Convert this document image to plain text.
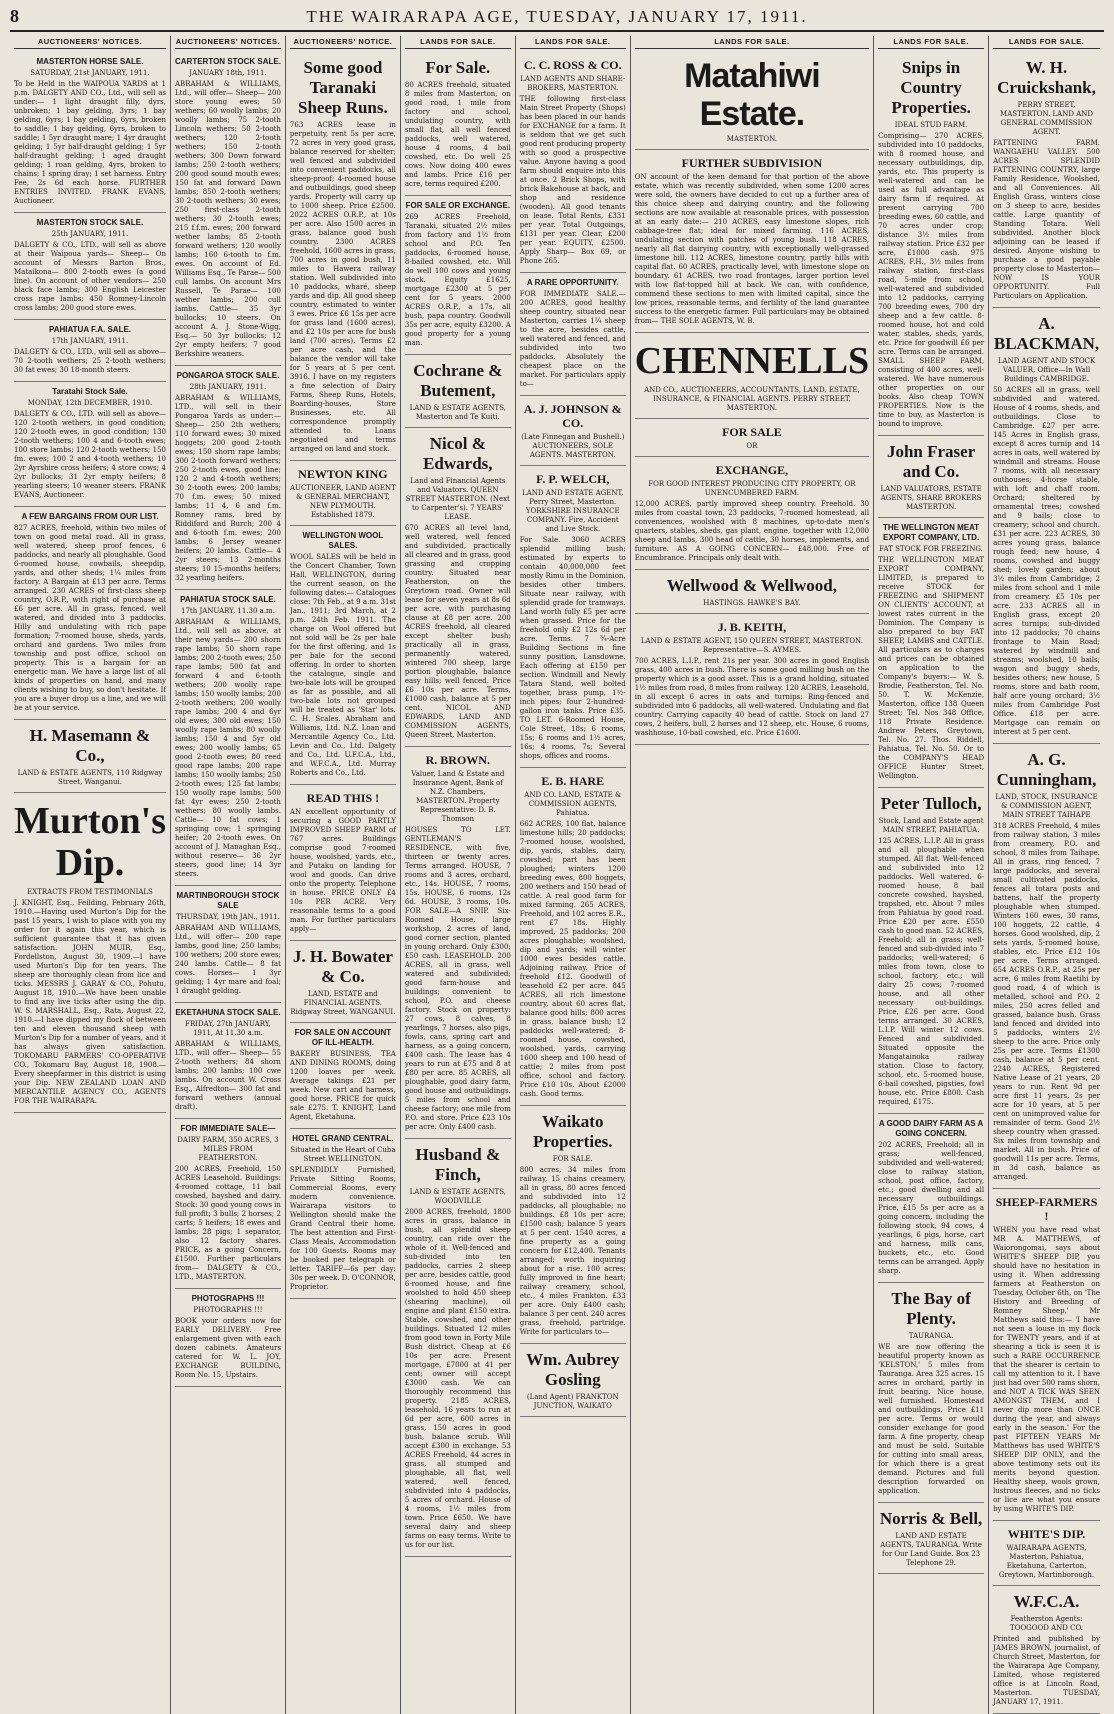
8	THE WAIRARAPA AGE, TUESDAY, JANUARY 17, 1911.
AUCTIONEERS' NOTICES.
MASTERTON HORSE SALE.
SATURDAY, 21st JANUARY, 1911.
To be Held in the WAIPOUA YARDS at 1 p.m. DALGETY AND CO., Ltd., will sell as under:— 1 light draught filly, dyrs, unbroken; 1 bay gelding, 3yrs; 1 bay gelding, 6yrs; 1 bay gelding, 6yrs, broken to saddle; 1 bay gelding, 6yrs, broken to saddle; 1 5yr draught mare; 1 4yr draught gelding; 1 5yr half-draught gelding; 1 5yr half-draught gelding; 1 aged draught gelding; 1 roan gelding, 4yrs, broken to chains; 1 spring dray; 1 set harness. Entry Fee, 2s 6d each horse. FURTHER ENTRIES INVITED. FRANK EVANS, Auctioneer.
MASTERTON STOCK SALE.
25th JANUARY, 1911.
DALGETY & CO., LTD., will sell as above at their Waipoua yards— Sheep— On account of Messrs Barton Bros., Mataikona— 800 2-tooth ewes (a good line). On account of other vendors— 250 black face lambs; 300 English Leicester cross rape lambs; 450 Romney-Lincoln cross lambs; 200 good store ewes.
PAHIATUA F.A. SALE.
17th JANUARY, 1911.
DALGETY & CO., LTD., will sell as above— 70 2-tooth wethers; 25 2-tooth wethers; 30 fat ewes; 30 18-month steers.
Taratahi Stock Sale.
MONDAY, 12th DECEMBER, 1910.
DALGETY & CO., LTD. will sell as above— 120 2-tooth wethers, in good condition; 120 2-tooth ewes, in good condition; 130 2-tooth wethers; 100 4 and 6-tooth ewes; 100 store lambs; 120 2-tooth wethers; 150 fm. ewes; 100 2 and 4-tooth wethers; 10 2yr Ayrshire cross heifers; 4 store cows; 4 2yr bullocks; 31 2yr empty heifers; 8 yearling steers; 10 weaner steers. FRANK EVANS, Auctioneer.
A FEW BARGAINS FROM OUR LIST.
827 ACRES, freehold, within two miles of town on good metal road. All in grass, well watered, sheep proof fences, 6 paddocks, and nearly all ploughable. Good 6-roomed house, cowbails, sheepdip, yards, and other sheds; 1¼ miles from factory. A Bargain at £13 per acre. Terms arranged. 230 ACRES of first-class sheep country, O.R.P., with right of purchase at £6 per acre. All in grass, fenced, well watered, and divided into 3 paddocks. Hilly and undulating with rich pape formation; 7-roomed house, sheds, yards, orchard and gardens. Two miles from township and post office, school on property. This is a bargain for an energetic man. We have a large list of all kinds of properties on hand, and many clients wishing to buy, so don't hesitate. If you are a buyer drop us a line, and we will be at your service.
H. Masemann & Co.,
LAND & ESTATE AGENTS, 110 Ridgway Street, Wanganui.
Murton's Dip.
EXTRACTS FROM TESTIMONIALS
J. KNIGHT, Esq., Feilding, February 26th, 1910.—Having used Murton's Dip for the past 15 years, I wish to place with you my order for it again this year, which is sufficient guarantee that it has given satisfaction. JOHN MUIR, Esq., Fordellston, August 30, 1909.—I have used Murton's Dip for ten years. The sheep are thoroughly clean from lice and ticks. MESSRS J. GARAY & CO., Pohutu, August 18, 1910.—We have been unable to find any live ticks after using the dip. W. S. MARSHALL, Esq., Rata, August 22, 1910.—I have dipped my flock of between ten and eleven thousand sheep with Murton's Dip for a number of years, and it has always given satisfaction. TOKOMARU FARMERS' CO-OPERATIVE CO., Tokomaru Bay, August 18, 1908.—Every sheepfarmer in this district is using your Dip. NEW ZEALAND LOAN AND MERCANTILE AGENCY CO., AGENTS FOR THE WAIRARAPA.
AUCTIONEERS' NOTICES.
CARTERTON STOCK SALE.
JANUARY 18th, 1911.
ABRAHAM & WILLIAMS, Ltd., will offer— Sheep— 200 store young ewes; 50 wethers; 60 woolly lambs; 20 woolly lambs; 75 2-tooth Lincoln wethers; 50 2-tooth wethers; 120 2-tooth wethers; 150 2-tooth wethers; 300 Down forward lambs; 250 2-tooth wethers; 200 good sound mouth ewes; 150 fat and forward Down lambs; 850 2-tooth wethers; 30 2-tooth wethers; 30 ewes; 250 first-class 2-tooth wethers; 30 2-tooth ewes; 215 f.f.m. ewes; 200 forward wether lambs; 85 2-tooth forward wethers; 120 woolly lambs; 160 6-tooth to f.m. ewes. On account of Ed. Williams Esq., Te Parae— 500 cull lambs. On account Mrs Russell, Te Parae— 100 wether lambs; 200 cull lambs. Cattle— 35 3yr bullocks; 10 steers. On account A. J. Stone-Wigg, Esq.— 50 3yr bullocks; 12 2yr empty heifers; 7 good Berkshire weaners.
PONGAROA STOCK SALE.
28th JANUARY, 1911.
ABRAHAM & WILLIAMS, LTD., will sell in their Pongaroa Yards as under:— Sheep— 250 2th wethers; 110 forward ewes; 30 mixed hoggets; 200 good 2-tooth ewes; 150 shorn rape lambs; 300 2-tooth forward wethers; 250 2-tooth ewes, good line; 120 2 and 4-tooth wethers; 30 2-tooth ewes; 200 lambs; 70 f.m. ewes; 50 mixed lambs; 11 4, 6 and f.m. Romney rams, bred by Riddiford and Burch; 200 4 and 6-tooth f.m. ewes; 200 lambs; 6 Jersey weaner heifers; 20 lambs. Cattle— 4 2yr steers; 13 2-months steers; 10 15-months heifers; 32 yearling heifers.
PAHIATUA STOCK SALE.
17th JANUARY, 11.30 a.m.
ABRAHAM & WILLIAMS, Ltd., will sell as above, at their new yards— 200 shorn rape lambs; 50 shorn rape lambs; 200 2-tooth ewes; 250 rape lambs; 500 fat and forward 4 and 6-tooth wethers; 200 woolly rape lambs; 150 woolly lambs; 200 2-tooth wethers; 200 woolly rape lambs; 200 4 and 6yr old ewes; 300 old ewes; 150 woolly rape lambs; 80 woolly lambs; 150 4 and 5yr old ewes; 200 woolly lambs; 65 good 2-tooth ewes; 80 reed good rape lambs; 200 rape lambs; 150 woolly lambs; 250 2-tooth ewes; 125 fat lambs; 150 woolly rape lambs; 500 fat 4yr ewes; 250 2-tooth wethers; 80 woolly lambs. Cattle— 10 fat cows; 1 springing cow; 1 springing heifer; 20 2-tooth ewes. On account of J. Managhan Esq., without reserve— 36 2yr steers, good line; 14 3yr steers.
MARTINBOROUGH STOCK SALE
THURSDAY, 19th JAN., 1911.
ABRAHAM AND WILLIAMS, Ltd., will offer— 200 rape lambs, good line; 250 lambs; 100 wethers; 200 store ewes; 240 lambs. Cattle— 8 fat cows. Horses— 1 3yr gelding; 1 4yr mare and foal; 1 draught gelding.
EKETAHUNA STOCK SALE.
FRIDAY, 27th JANUARY, 1911, At 11.30 a.m.
ABRAHAM & WILLIAMS, LTD., will offer— Sheep— 55 2-tooth wethers; 84 shorn lambs; 200 lambs; 100 cwe lambs. On account W. Cross Esq., Alfredton— 300 fat and forward wethers (annual draft).
FOR IMMEDIATE SALE—
DAIRY FARM, 350 ACRES, 3 MILES FROM FEATHERSTON.
200 ACRES, Freehold, 150 ACRES Leasehold. Buildings: 4-roomed cottage, 11 bail cowshed, hayshed and dairy. Stock: 30 good young cows in full profit; 3 bulls; 2 horses; 2 carts; 5 heifers; 18 ewes and lambs; 28 pigs; 1 separator, also 12 factory shares. PRICE, as a going Concern, £1500. Further particulars from— DALGETY & CO., LTD., MASTERTON.
PHOTOGRAPHS !!!
PHOTOGRAPHS !!!
BOOK your orders now for EARLY DELIVERY. Free enlargement given with each dozen cabinets. Amateurs catered for. W. L. JOY, EXCHANGE BUILDING, Room No. 15, Upstairs.
AUCTIONEERS' NOTICE.
Some good Taranaki Sheep Runs.
763 ACRES lease in perpetuity, rent 5s per acre, 72 acres in very good grass, balance reserved for shelter; well fenced and subdivided into convenient paddocks, all sheep-proof; 4-roomed house and outbuildings, good sheep yards. Property will carry up to 1000 sheep. Price £2500. 2022 ACRES O.R.P., at 10s per acre. Also 1500 acres in grass, balance good bush country. 2300 ACRES freehold, 1600 acres in grass, 700 acres in good bush, 11 miles to Hawera railway station. Well subdivided into 10 paddocks, wharé, sheep yards and dip. All good sheep country, estimated to winter 3 ewes. Price £6 15s per acre for grass land (1600 acres), and £2 10s per acre for bush land (700 acres). Terms £2 per acre cash, and the balance the vendor will take for 5 years at 5 per cent. 3916. I have on my registers a fine selection of Dairy Farms, Sheep Runs, Hotels, Boarding-houses, Store Businesses, etc. All correspondence promptly attended to. Loans negotiated and terms arranged on land and stock.
NEWTON KING
AUCTIONEER, LAND AGENT & GENERAL MERCHANT, NEW PLYMOUTH. Established 1879.
WELLINGTON WOOL SALES.
WOOL SALES will be held in the Concert Chamber, Town Hall, WELLINGTON, during the current season, on the following dates:— Catalogues close: 7th Feb., at 9 a.m. 31st Jan., 1911; 3rd March, at 2 p.m. 24th Feb. 1911. The charge on Wool offered but not sold will be 2s per bale for the first offering, and 1s per bale for the second offering. In order to shorten the catalogue, single and two-bale lots will be grouped as far as possible, and all two-bale lots not grouped will be treated as 'Star' lots. C. H. Scales. Abraham and Williams, Ltd. N.Z. Loan and Mercantile Agency Co., Ltd. Levin and Co., Ltd. Dalgety and Co., Ltd. U.F.C.A., Ltd., and W.F.C.A., Ltd. Murray Roberts and Co., Ltd.
READ THIS !
AN excellent opportunity of securing a GOOD PARTLY IMPROVED SHEEP FARM of 767 acres. Buildings comprise good 7-roomed house, woolshed, yards, etc., and Putaku on landing for wool and goods. Can drive onto the property. Telephone in house. PRICE ONLY £4 10s PER ACRE. Very reasonable terms to a good man. For further particulars apply—
J. H. Bowater & Co.
LAND, ESTATE and FINANCIAL AGENTS. Ridgway Street, WANGANUI.
FOR SALE ON ACCOUNT OF ILL-HEALTH.
BAKERY BUSINESS, TEA AND DINING ROOMS, doing 1200 loaves per week. Average takings £21 per week. New cart and harness, good horse. PRICE for quick sale £275. T. KNIGHT, Land Agent, Eketahuna.
HOTEL GRAND CENTRAL.
Situated in the Heart of Cuba Street WELLINGTON.
SPLENDIDLY Furnished, Private Sitting Rooms, Commercial Rooms, every modern convenience. Wairarapa visitors to Wellington should make the Grand Central their home. The best attention and First-Class Meals. Accommodation for 100 Guests. Rooms may be booked per telegraph or letter. TARIFF—6s per day; 30s per week. D. O'CONNOR, Proprietor.
LANDS FOR SALE.
For Sale.
80 ACRES freehold, situated 8 miles from Masterton, on good road, 1 mile from factory and school, undulating country, with small flat, all well fenced paddocks, well watered, house 4 rooms, 4 bail cowshed, etc. Do well 25 cows. Now doing 400 ewes and lambs. Price £16 per acre, terms required £200.
FOR SALE OR EXCHANGE.
269 ACRES Freehold, Taranaki, situated 2½ miles from factory and 1½ from school and P.O. Ten paddocks, 6-roomed house, 8-bailed cowshed, etc. Will do well 100 cows and young stock. Equity £1625, mortgage £2300 at 5 per cent for 5 years. 2000 ACRES O.R.P., a 17s, all bush, papa country. Goodwill 35s per acre, equity £3200. A good property for a young man.
Cochrane & Butement,
LAND & ESTATE AGENTS, Masterton and Te Kuiti.
Nicol & Edwards,
Land and Financial Agents and Valuators. QUEEN STREET MASTERTON. (Next to Carpenter's). 7 YEARS' LEASE.
670 ACRES all level land, well watered, well fenced and subdivided, practically all cleared and in grass, good grassing and cropping country. Situated near Featherston, on the Greytown road. Owner will lease for seven years at 8s 6d per acre, with purchasing clause at £8 per acre. 200 ACRES freehold, all cleared except shelter bush; practically all in grass, permanently watered, wintered 700 sheep, large portion ploughable, balance easy hills; well fenced. Price £6 10s per acre. Terms, £1000 cash, balance at 5 per cent. NICOL AND EDWARDS, LAND AND COMMISSION AGENTS, Queen Street, Masterton.
R. BROWN.
Valuer, Land & Estate and Insurance Agent, Bank of N.Z. Chambers, MASTERTON. Property Representative: D. B. Thomson
HOUSES TO LET. GENTLEMAN'S RESIDENCE, with five, thirteen or twenty acres. Terms arranged. HOUSE, 7 rooms and 3 acres, orchard, etc., 14s. HOUSE, 7 rooms, 15s. HOUSE, 6 rooms, 12s 6d. HOUSE, 3 rooms, 10s. FOR SALE—A SNIP. Six-Roomed House, large workshop, 2 acres of land, good corner section, planted in young orchard. Only £300; £50 cash. LEASEHOLD. 200 ACRES, all in grass, well watered and subdivided; good farm-house and buildings; convenient to school, P.O. and cheese factory. Stock on property: 27 cows, 8 calves, 8 yearlings, 7 horses, also pigs, fowls, cans, spring cart and harness, as a going concern, £400 cash. The lease has 4 years to run at £75 and 8 at £80 per acre. 85 ACRES, all ploughable, good dairy farm, good house and outbuildings. 5 miles from school and cheese factory; one mile from P.O. and store. Price £23 10s per acre. Only £400 cash.
Husband & Finch,
LAND & ESTATE AGENTS, WOODVILLE
2000 ACRES, freehold, 1800 acres in grass, balance in bush, all splendid sheep country, can ride over the whole of it. Well-fenced and sub-divided into ten paddocks, carries 2 sheep per acre, besides cattle, good 6-roomed house, and fine woolshed to hold 450 sheep (shearing machine), oil engine and plant £150 extra. Stable, cowshed, and other buildings. Situated 12 miles from good town in Forty Mile Bush district. Cheap at £6 10s per acre. Present mortgage, £7000 at 41 per cent; owner will accept £3000 cash. We can thoroughly recommend this property. 2185 ACRES, leasehold, 16 years to run at 6d per acre, 600 acres in grass, 150 acres in good bush, balance scrub. Will accept £300 in exchange. 53 ACRES Freehold, 44 acres in grass, all stumped and ploughable, all flat, well watered, well fenced, subdivided into 4 paddocks, 5 acres of orchard. House of 4 rooms, 1½ miles from town. Price £650. We have several dairy and sheep farms on easy terms. Write to us for our list.
LANDS FOR SALE.
C. C. ROSS & CO.
LAND AGENTS AND SHARE-BROKERS, MASTERTON.
THE following first-class Main Street Property (Shops) has been placed in our hands for EXCHANGE for a farm. It is seldom that we get such good rent producing property with so good a prospective value. Anyone having a good farm should enquire into this at once. 2 Brick Shops, with brick Bakehouse at back, and shop and residence (wooden). All good tenants on lease. Total Rents, £331 per year. Total Outgoings, £131 per year. Clear, £200 per year. EQUITY, £2500. Apply Sharp— Box 69, or Phone 265.
A RARE OPPORTUNITY.
FOR IMMEDIATE SALE.—200 ACRES, good healthy sheep country, situated near Masterton, carries 1¼ sheep to the acre, besides cattle, well watered and fenced, and subdivided into two paddocks. Absolutely the cheapest place on the market. For particulars apply to—
A. J. JOHNSON & CO.
(Late Finnegan and Bushell.) AUCTIONEERS, SOLE AGENTS. MASTERTON.
F. P. WELCH,
LAND AND ESTATE AGENT, Perry Street, Masterton. YORKSHIRE INSURANCE COMPANY. Fire, Accident and Live Stock.
For Sale. 3060 ACRES splendid milling bush; estimated by experts to contain 40,000,000 feet mostly Rimu in the Dominion, besides other timbers. Situate near railway, with splendid grade for tramways. Land worth fully £5 per acre when grassed. Price for the freehold only £2 12s 6d per acre. Terms. 7 ¾-Acre Building Sections in fine sunny position, Lansdowne. Each offering at £150 per section. Windmill and Newly Tatara Stand, well bolted together, brass pump, 1½-inch pipes; four 2-hundred-gallon iron tanks. Price £35. TO LET. 6-Roomed House, Cole Street, 18s; 6 rooms, 15s; 6 rooms and 1½ acres, 16s; 4 rooms, 7s; Several shops, offices and rooms.
E. B. HARE
AND CO. LAND, ESTATE & COMMISSION AGENTS, Pahiatua.
662 ACRES, 100 flat, balance limestone hills; 20 paddocks; 7-roomed house, woolshed, dip, yards, stables, dairy, cowshed; part has been ploughed; winters 1200 breeding ewes, 800 hoggets, 200 wethers and 150 head of cattle. A real good farm for mixed farming. 265 ACRES, Freehold, and 102 acres E.R., rent £7 18s. Highly improved, 25 paddocks; 200 acres ploughable; woolshed, dip and yards; will winter 1000 ewes besides cattle. Adjoining railway. Price of freehold £12. Goodwill of leasehold £2 per acre. 845 ACRES, all rich limestone country, about 60 acres flat, balance good hills; 800 acres in grass, balance bush; 12 paddocks well-watered; 8-roomed house, cowshed, woolshed, yards, carrying 1600 sheep and 100 head of cattle; 2 miles from post office, school and factory. Price £10 10s. About £2000 cash. Good terms.
Waikato Properties.
FOR SALE.
800 acres, 34 miles from railway, 15 chains creamery, all in grass, 80 acres fenced and subdivided into 12 paddocks, all ploughable; no buildings. £8 10s per acre; £1500 cash; balance 5 years at 5 per cent. 1540 acres, a fine property as a going concern for £12,400. Tenants arranged; worth inquiring about for a rise. 100 acres; fully improved in fine heart; railway creamery, school, etc., 4 miles Frankton. £33 per acre. Only £400 cash; balance 3 per cent. 240 acres grass, freehold, partridge. Write for particulars to—
Wm. Aubrey Gosling
(Land Agent) FRANKTON JUNCTION, WAIKATO
LANDS FOR SALE.
Matahiwi Estate.
MASTERTON.
FURTHER SUBDIVISION
ON account of the keen demand for that portion of the above estate, which was recently subdivided, when some 1200 acres were sold, the owners have decided to cut up a further area of this choice sheep and dairying country, and the following sections are now available at reasonable prices, with possession at an early date:— 210 ACRES, easy limestone slopes, rich cabbage-tree flat; ideal for mixed farming. 116 ACRES, undulating section with patches of young bush. 118 ACRES, nearly all flat dairying country, with exceptionally well-grassed limestone hill. 112 ACRES, limestone country, partly hills with capital flat. 60 ACRES, practically level, with limestone slope on boundary. 61 ACRES, two road frontages, larger portion level with low flat-topped hill at back. We can, with confidence, commend these sections to men with limited capital, since the low prices, reasonable terms, and fertility of the land guarantee success to the energetic farmer. Full particulars may be obtained from— THE SOLE AGENTS, W. B.
CHENNELLS
AND CO., AUCTIONEERS, ACCOUNTANTS, LAND, ESTATE, INSURANCE, & FINANCIAL AGENTS. PERRY STREET, MASTERTON.
FOR SALE
OR
EXCHANGE,
FOR GOOD INTEREST PRODUCING CITY PROPERTY, OR UNENCUMBERED FARM.
12,000 ACRES, partly improved sheep country. Freehold. 30 miles from coastal town, 23 paddocks, 7-roomed homestead, all conveniences, woolshed with 8 machines, up-to-date men's quarters, stables, sheds, gas plant, engine, together with 12,000 sheep and lambs, 300 head of cattle, 30 horses, implements, and furniture. AS A GOING CONCERN— £48,000. Free of Encumbrance. Principals only dealt with.
Wellwood & Wellwood,
HASTINGS. HAWKE'S BAY.
J. B. KEITH,
LAND & ESTATE AGENT, 150 QUEEN STREET, MASTERTON. Representative—S. AYMES.
700 ACRES, L.I.P., rent 21s per year. 300 acres in good English grass, 400 acres in bush. There is some good milling bush on the property which is a good asset. This is a grand holding, situated 1½ miles from road, 8 miles from railway. 120 ACRES, Leasehold, in all except 6 acres in oats and turnips; Ring-fenced and subdivided into 6 paddocks, all well-watered. Undulating and flat country. Carrying capacity 40 head of cattle. Stock on land 27 cows, 2 heifers, bull, 2 horses and 12 sheep, etc. House, 6 rooms, washhouse, 10-bail cowshed, etc. Price £1600.
LANDS FOR SALE.
Snips in Country Properties.
IDEAL STUD FARM.
Comprising— 270 ACRES, subdivided into 10 paddocks, with 8 roomed house, and necessary outbuildings, dip, yards, etc. This property is well-watered and can be used as full advantage as dairy farm if required. At present carrying 700 breeding ewes, 60 cattle, and 70 acres under crop; distance 3½ miles from railway station. Price £32 per acre, £1000 cash. 975 ACRES, F.H., 3½ miles from railway station, first-class road, 5-mile from school, well-watered and subdivided into 12 paddocks, carrying 700 breeding ewes, 700 dry sheep and a few cattle. 8-roomed house, hot and cold water, stables, sheds, yards, etc. Price for goodwill £6 per acre. Terms can be arranged. SMALL SHEEP FARM, consisting of 400 acres, well-watered. We have numerous other properties on our books. Also cheap TOWN PROPERTIES. Now is the time to buy, as Masterton is bound to improve.
John Fraser and Co.
LAND VALUATORS, ESTATE AGENTS, SHARE BROKERS MASTERTON.
THE WELLINGTON MEAT EXPORT COMPANY, LTD.
FAT STOCK FOR FREEZING.
THE WELLINGTON MEAT EXPORT COMPANY, LIMITED, is prepared to receive STOCK for FREEZING and SHIPMENT ON CLIENTS' ACCOUNT, at lowest rates current in the Dominion. The Company is also prepared to buy FAT SHEEP, LAMBS and CATTLE. All particulars as to charges and prices can be obtained on application to the Company's buyers:— W. S. Brodie, Featherston, Tel. No. 50. T. W. McKenzie, Masterton, office 138 Queen Street; Tel. Nos 348 Office, 118 Private Residence. Andrew Peters, Greytown, Tel. No. 27. Thos. Riddell, Pahiatua, Tel. No. 50. Or to the COMPANY'S HEAD OFFICE Hunter Street, Wellington.
Peter Tulloch,
Stock, Land and Estate agent MAIN STREET, PAHIATUA.
125 ACRES, L.I.P. All in grass and all ploughable when stumped. All flat. Well-fenced and subdivided into 12 paddocks. Well watered. 6-roomed house, 8 bail concrete cowshed, hayshed, trapshed, etc. About 7 miles from Pahiatua by good road. Price £20 per acre. £550 cash to good man. 52 ACRES, Freehold; all in grass; well-fenced and sub-divided into 7 paddocks; well-watered; 6 miles from town, close to school, factory, etc.; will dairy 25 cows; 7-roomed house, and all other necessary out-buildings. Price, £26 per acre. Good terms arranged. 30 ACRES, L.I.P. Will winter 12 cows. Fenced and subdivided. Situated opposite the Mangatainoka railway station. Close to factory, school, etc. 5-roomed house, 6-bail cowshed, pigsties, fowl house, etc. Price £800. Cash required, £175.
A GOOD DAIRY FARM AS A GOING CONCERN.
202 ACRES, Freehold; all in grass; well-fenced, subdivided and well-watered; close to railway station, school, post office, factory, etc.; good dwelling and all necessary outbuildings. Price, £15 5s per acre as a going concern, including the following stock, 94 cows, 4 yearlings, 6 pigs, horse, cart and harness, milk cans, buckets, etc., etc. Good terms can be arranged. Apply sharp.
The Bay of Plenty.
TAURANGA.
WE are now offering the beautiful property known as 'KELSTON,' 5 miles from Tauranga. Area 325 acres. 15 acres in orchard, partly in fruit bearing. Nice house, well furnished. Homestead and outbuildings. Price £11 per acre. Terms or would consider exchange for good farm. A fine property, cheap and must be sold. Suitable for cutting into small areas, for which there is a great demand. Pictures and full description forwarded on application.
Norris & Bell,
LAND AND ESTATE AGENTS, TAURANGA. Write for Our Land Guide. Box 23 Telephone 29.
LANDS FOR SALE.
W. H. Cruickshank,
PERRY STREET, MASTERTON. LAND AND GENERAL COMMISSION AGENT.
FATTENING FARM. WANGAEHU VALLEY. 500 ACRES SPLENDID FATTENING COUNTRY, large Family Residence, Woolshed, and all Conveniences. All English Grass, winters close on 3 sheep to acre, besides cattle. Large quantity of Standing Totara. Well subdivided. Another block adjoining can be leased if desired. Anyone wishing to purchase a good payable property close to Masterton— NOW IS YOUR OPPORTUNITY. Full Particulars on Application.
A. BLACKMAN,
LAND AGENT AND STOCK VALUER, Office—In Wall Buildings CAMBRIDGE.
50 ACRES all in grass, well subdivided and watered. House of 4 rooms, sheds, and outbuildings. Close to Cambridge. £27 per acre. 145 Acres in English grass, except 8 acres turnip and 14 acres in oats, well watered by windmill and streams. House 7 rooms, with all necessary outhouses; 4-horse stable, with loft and chaff room. Orchard; sheltered by ornamental trees; cowshed and 9 bails; close to creamery; school and church. £31 per acre. 223 ACRES, 30 acres young grass, balance rough feed; new house, 4 rooms, cowshed and buggy shed; lovely garden; about 3½ miles from Cambridge; 2 miles from school and 1 mile from creamery. £5 10s per acre. 233 ACRES all in English grass, except 20 acres turnips; sub-divided into 12 paddocks; 70 chains frontage to Main Road; watered by windmill and streams; woolshed, 10 bails; wagon and buggy sheds, besides others; new house, 5 rooms, store and bath room, half acre young orchard; 3½ miles from Cambridge Post Office. £18 per acre. Mortgage can remain on interest at 5 per cent.
A. G. Cunningham,
LAND, STOCK, INSURANCE & COMMISSION AGENT, MAIN STREET TAIHAPE
318 ACRES Freehold, 4 miles from railway station, 3 miles from creamery, P.O. and school, 8 miles from Taihape. All in grass, ring fenced, 7 large paddocks, and several small cultivated paddocks, fences all totara posts and battens, half the property ploughable when stumped. Winters 160 ewes, 30 rams, 100 hoggets, 22 cattle, 4 horses. Good woolshed, dip, 2 sets yards, 5-roomed house, stables, etc. Price £12 10s per acre. Terms arranged. 654 ACRES O.R.P., at 25s per acre, 6 miles from Raetihi by good road, 4 of which is metalled, school and P.O. 2 miles, 250 acres felled and grassed, balance bush. Grass land fenced and divided into 5 paddocks, winters 2½ sheep to the acre. Price only 25s per acre. Terms £1300 cash, balance at 5 per cent. 2240 ACRES, Registered Native Lease of 21 years, 20 years to run. Rent 9d per acre first 11 years, 2s per acre for 10 years, at 5 per cent on unimproved value for remainder of term. Good 2½ sheep country when grassed. Six miles from township and market. All in bush. Price of goodwill 11s per acre. Terms, in 3d cash, balance as arranged.
SHEEP-FARMERS !
WHEN you have read what MR A. MATTHEWS, of Waiorongomai, says about WHITE'S SHEEP DIP, you should have no hesitation in using it. When addressing farmers at Featherston on Tuesday, October 6th, on 'The History and Breeding of Romney Sheep,' Mr Matthews said this:— 'I have not seen a louse in my flock for TWENTY years, and if at shearing a tick is seen it is such a RARE OCCURRENCE that the shearer is certain to call my attention to it. I have just had over 500 rams shorn, and NOT A TICK WAS SEEN AMONGST THEM, and I never dip more than ONCE during the year, and always early in the season.' For the past FIFTEEN YEARS Mr Matthews has used WHITE'S SHEEP DIP ONLY, and the above testimony sets out its merits beyond question. Healthy sheep, wools grown, lustrous fleeces, and no ticks or lice are what you ensure by using WHITE'S DIP.
WHITE'S DIP.
WAIRARAPA AGENTS, Masterton, Pahiatua, Eketahuna, Carterton, Greytown, Martinborough.
W.F.C.A.
Featherston Agents: TOOGOOD AND CO.
Printed and published by JAMES BROWN, journalist, of Church Street, Masterton, for the Wairarapa Age Company, Limited, whose registered office is at Lincoln Road, Masterton. TUESDAY, JANUARY 17, 1911.
